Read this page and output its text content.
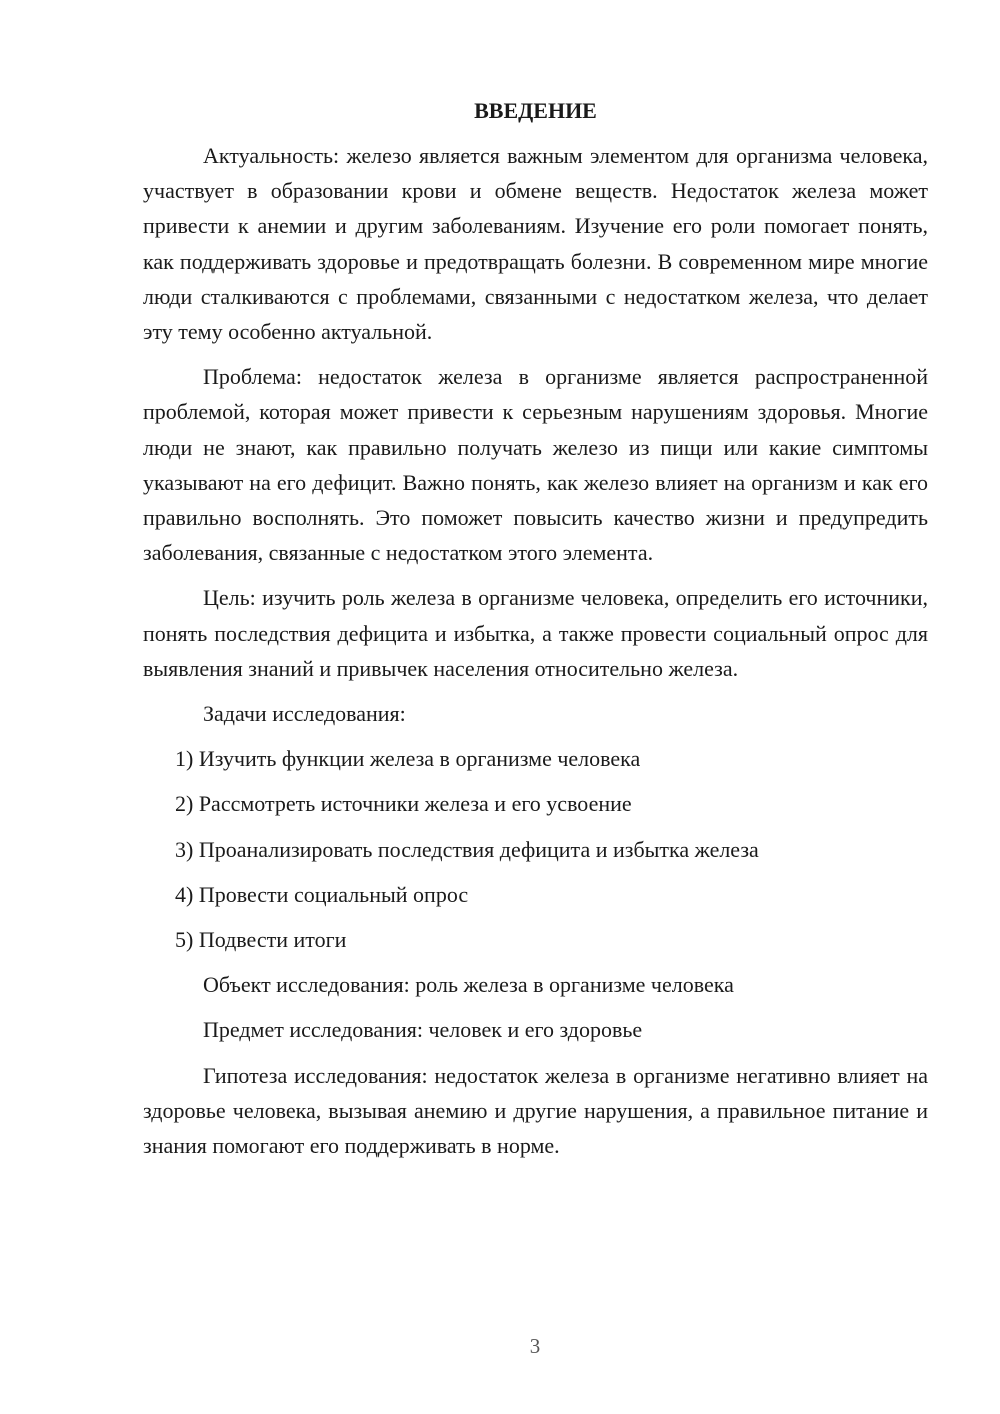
ВВЕДЕНИЕ

Актуальность: железо является важным элементом для организма человека, участвует в образовании крови и обмене веществ. Недостаток железа может привести к анемии и другим заболеваниям. Изучение его роли помогает понять, как поддерживать здоровье и предотвращать болезни. В современном мире многие люди сталкиваются с проблемами, связанными с недостатком железа, что делает эту тему особенно актуальной.

Проблема: недостаток железа в организме является распространенной проблемой, которая может привести к серьезным нарушениям здоровья. Многие люди не знают, как правильно получать железо из пищи или какие симптомы указывают на его дефицит. Важно понять, как железо влияет на организм и как его правильно восполнять. Это поможет повысить качество жизни и предупредить заболевания, связанные с недостатком этого элемента.

Цель: изучить роль железа в организме человека, определить его источники, понять последствия дефицита и избытка, а также провести социальный опрос для выявления знаний и привычек населения относительно железа.

Задачи исследования:
1) Изучить функции железа в организме человека
2) Рассмотреть источники железа и его усвоение
3) Проанализировать последствия дефицита и избытка железа
4) Провести социальный опрос
5) Подвести итоги
Объект исследования: роль железа в организме человека
Предмет исследования: человек и его здоровье

Гипотеза исследования: недостаток железа в организме негативно влияет на здоровье человека, вызывая анемию и другие нарушения, а правильное питание и знания помогают его поддерживать в норме.

3
